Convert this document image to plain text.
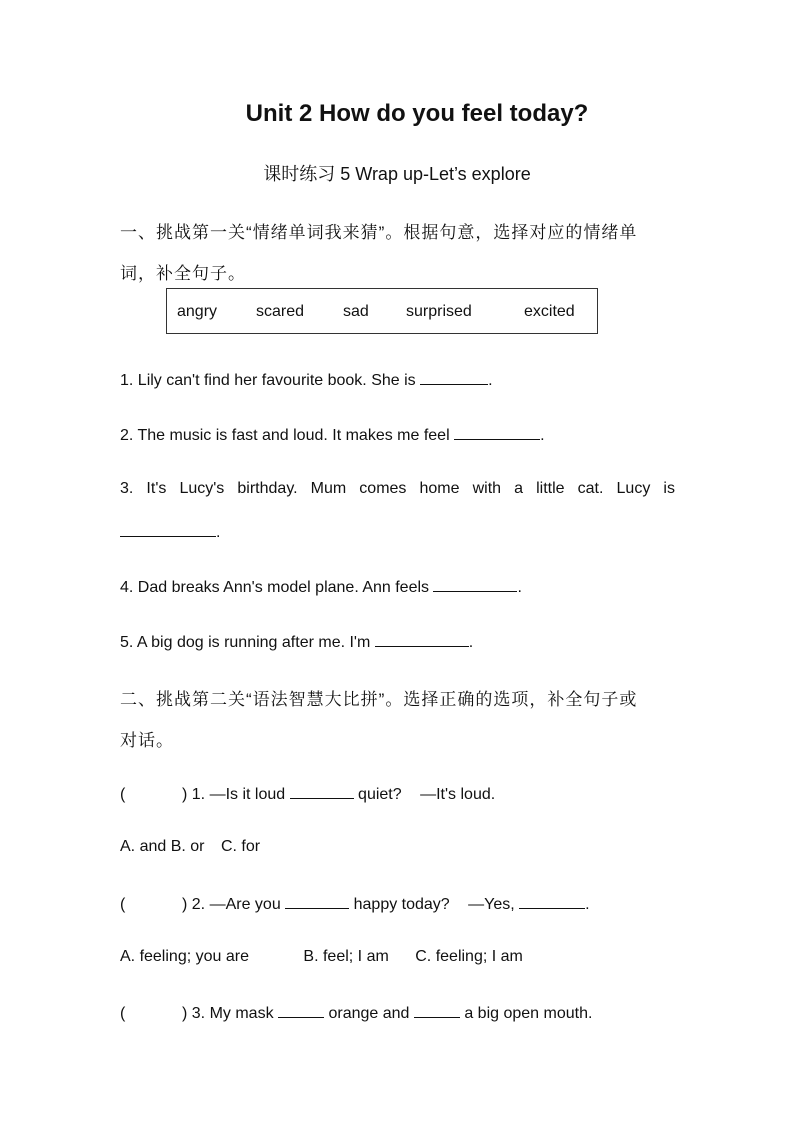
Unit 2 How do you feel today?
课时练习 5 Wrap up-Let’s explore
一、挑战第一关“情绪单词我来猜”。根据句意，选择对应的情绪单
词，补全句子。
angry scared sad surprised	excited
1. Lily can't find her favourite book. She is	.
2. The music is fast and loud. It makes me feel	.
3. It's Lucy's birthday. Mum comes home with a little cat. Lucy is
.
4. Dad breaks Ann's model plane. Ann feels	.
5. A big dog is running after me. I'm	.
二、挑战第二关“语法智慧大比拼”。选择正确的选项，补全句子或
对话。
(	) 1. —Is it loud	quiet? —It's loud.
A. and B. or C. for
(	) 2. —Are you	happy today? —Yes,	.
A. feeling; you are	B. feel; I am C. feeling; I am
(	) 3. My mask	orange and	a big open mouth.
